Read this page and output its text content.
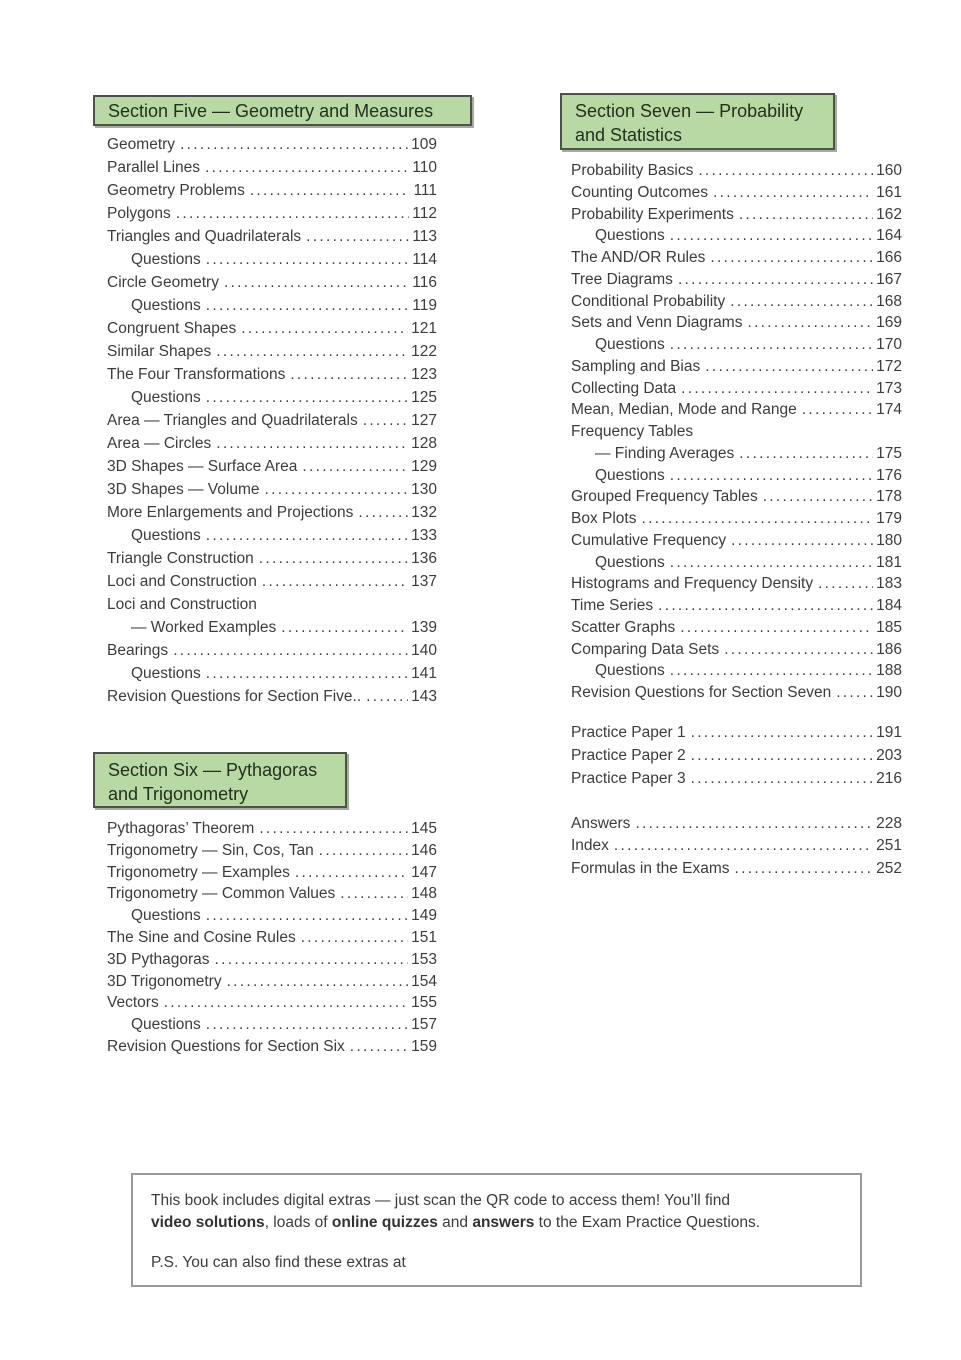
Section Five — Geometry and Measures
Geometry .....	109
Parallel Lines .....	110
Geometry Problems .....	111
Polygons .....	112
Triangles and Quadrilaterals .....	113
Questions .....	114
Circle Geometry .....	116
Questions .....	119
Congruent Shapes .....	121
Similar Shapes .....	122
The Four Transformations .....	123
Questions .....	125
Area — Triangles and Quadrilaterals .....	127
Area — Circles .....	128
3D Shapes — Surface Area .....	129
3D Shapes — Volume .....	130
More Enlargements and Projections .....	132
Questions .....	133
Triangle Construction .....	136
Loci and Construction .....	137
Loci and Construction
— Worked Examples .....	139
Bearings .....	140
Questions .....	141
Revision Questions for Section Five.. .....	143
Section Six — Pythagoras
and Trigonometry
Pythagoras’ Theorem .....	145
Trigonometry — Sin, Cos, Tan .....	146
Trigonometry — Examples .....	147
Trigonometry — Common Values .....	148
Questions .....	149
The Sine and Cosine Rules .....	151
3D Pythagoras .....	153
3D Trigonometry .....	154
Vectors .....	155
Questions .....	157
Revision Questions for Section Six .....	159
Section Seven — Probability
and Statistics
Probability Basics .....	160
Counting Outcomes .....	161
Probability Experiments .....	162
Questions .....	164
The AND/OR Rules .....	166
Tree Diagrams .....	167
Conditional Probability .....	168
Sets and Venn Diagrams .....	169
Questions .....	170
Sampling and Bias .....	172
Collecting Data .....	173
Mean, Median, Mode and Range .....	174
Frequency Tables
— Finding Averages .....	175
Questions .....	176
Grouped Frequency Tables .....	178
Box Plots .....	179
Cumulative Frequency .....	180
Questions .....	181
Histograms and Frequency Density .....	183
Time Series .....	184
Scatter Graphs .....	185
Comparing Data Sets .....	186
Questions .....	188
Revision Questions for Section Seven .....	190
Practice Paper 1 .....	191
Practice Paper 2 .....	203
Practice Paper 3 .....	216
Answers .....	228
Index .....	251
Formulas in the Exams .....	252

This book includes digital extras — just scan the QR code to access them! You’ll find
video solutions, loads of online quizzes and answers to the Exam Practice Questions.

P.S. You can also find these extras at
